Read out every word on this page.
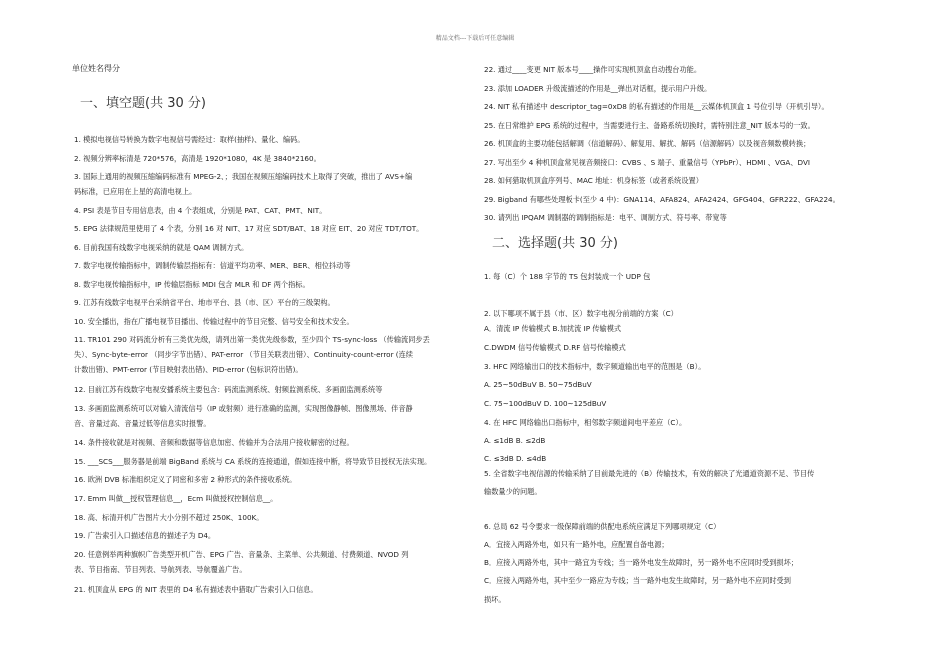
精品文档---下载后可任意编辑
单位姓名得分
一、填空题(共 30 分)
二、选择题(共 30 分)
1. 模拟电视信号转换为数字电视信号需经过：取样(抽样)、量化、编码。
2. 视频分辨率标清是 720*576，高清是 1920*1080，4K 是 3840*2160。
3. 国际上通用的视频压缩编码标准有 MPEG-2、；我国在视频压缩编码技术上取得了突破，推出了 AVS+编
码标准，已应用在上星的高清电视上。
4. PSI 表是节目专用信息表，由 4 个表组成，分别是 PAT、CAT、PMT、NIT。
5. EPG 法律规范里使用了 4 个表，分别 16 对 NIT、17 对应 SDT/BAT、18 对应 EIT、20 对应 TDT/TOT。
6. 目前我国有线数字电视采纳的就是 QAM 调制方式。
7. 数字电视传输指标中，调制传输层指标有：信道平均功率、MER、BER、相位抖动等
8. 数字电视传输指标中，IP 传输层指标 MDI 包含 MLR 和 DF 两个指标。
9. 江苏有线数字电视平台采纳省平台、地市平台、县（市、区）平台的三级架构。
10. 安全播出，指在广播电视节目播出、传输过程中的节目完整、信号安全和技术安全。
11. TR101 290 对码流分析有三类优先级，请列出第一类优先级参数，至少四个 TS-sync-loss （传输流同步丢
失）、Sync-byte-error （同步字节出错）、PAT-error （节目关联表出错）、Continuity-count-error (连续
计数出错)、PMT-error (节目映射表出错)、PID-error (包标识符出错)。
12. 目前江苏有线数字电视安播系统主要包含：码流监测系统、射频监测系统、多画面监测系统等
13. 多画面监测系统可以对输入清流信号（IP 或射频）进行准确的监测，实现图像静帧、图像黑场、伴音静
音、音量过高、音量过低等信息实时报警。
14. 条件接收就是对视频、音频和数据等信息加密、传输并为合法用户接收解密的过程。
15. ___SCS___服务器是前端 BigBand 系统与 CA 系统的连接通道，假如连接中断，将导致节目授权无法实现。
16. 欧洲 DVB 标准组织定义了同密和多密 2 种形式的条件接收系统。
17. Emm 叫做__授权管理信息__，Ecm 叫做授权控制信息__。
18. 高、标清开机广告图片大小分别不超过 250K、100K。
19. 广告索引入口描述信息的描述子为 D4。
20. 任意例举两种旗帜广告类型开机广告、EPG 广告、音量条、主菜单、公共频道、付费频道、NVOD 列
表、节目指南、节目列表、导航列表、导航覆盖广告。
21. 机顶盒从 EPG 的 NIT 表里的 D4 私有描述表中猎取广告索引入口信息。
22. 通过____变更 NIT 版本号____操作可实现机顶盒自动搜台功能。
23. 添加 LOADER 升级流描述的作用是__弹出对话框，提示用户升级。
24. NIT 私有描述中 descriptor_tag=0xD8 的私有描述的作用是__云媒体机顶盒 1 号位引导（开机引导）。
25. 在日常维护 EPG 系统的过程中，当需要进行主、备路系统切换时，需特别注意_NIT 版本号的一致。
26. 机顶盒的主要功能包括解调（信道解码）、解复用、解扰、解码（信源解码）以及视音频数模转换；
27. 写出至少 4 种机顶盒常见视音频接口：CVBS 、S 端子、重量信号（YPbPr）、HDMI 、VGA、DVI
28. 如何猎取机顶盒序列号、MAC 地址：机身标签（或者系统设置）
29. Bigband 有哪些处理板卡(至少 4 中)：GNA114、AFA824、AFA2424、GFG404、GFR222、GFA224。
30. 请列出 IPQAM 调制器的调制指标是：电平、调制方式、符号率、带宽等
1. 每（C）个 188 字节的 TS 包封装成一个 UDP 包
2. 以下哪项不属于县（市、区）数字电视分前端的方案（C）
A．清流 IP 传输模式 B.加扰流 IP 传输模式
C.DWDM 信号传输模式 D.RF 信号传输模式
3. HFC 网络输出口的技术指标中，数字频道输出电平的范围是（B）。
A. 25~50dBuV B. 50~75dBuV
C. 75~100dBuV D. 100~125dBuV
4. 在 HFC 网络输出口指标中，相邻数字频道间电平差应（C）。
A. ≤1dB B. ≤2dB
C. ≤3dB D. ≤4dB
5. 全省数字电视信源的传输采纳了目前最先进的（B）传输技术，有效的解决了光通道资源不足、节目传
输数量少的问题。
6. 总局 62 号令要求一级保障前端的供配电系统应满足下列哪项规定（C）
A．宜接入两路外电，如只有一路外电，应配置自备电源；
B．应接入两路外电，其中一路宜为专线；当一路外电发生故障时，另一路外电不应同时受到损坏；
C．应接入两路外电，其中至少一路应为专线；当一路外电发生故障时，另一路外电不应同时受到
损坏。
